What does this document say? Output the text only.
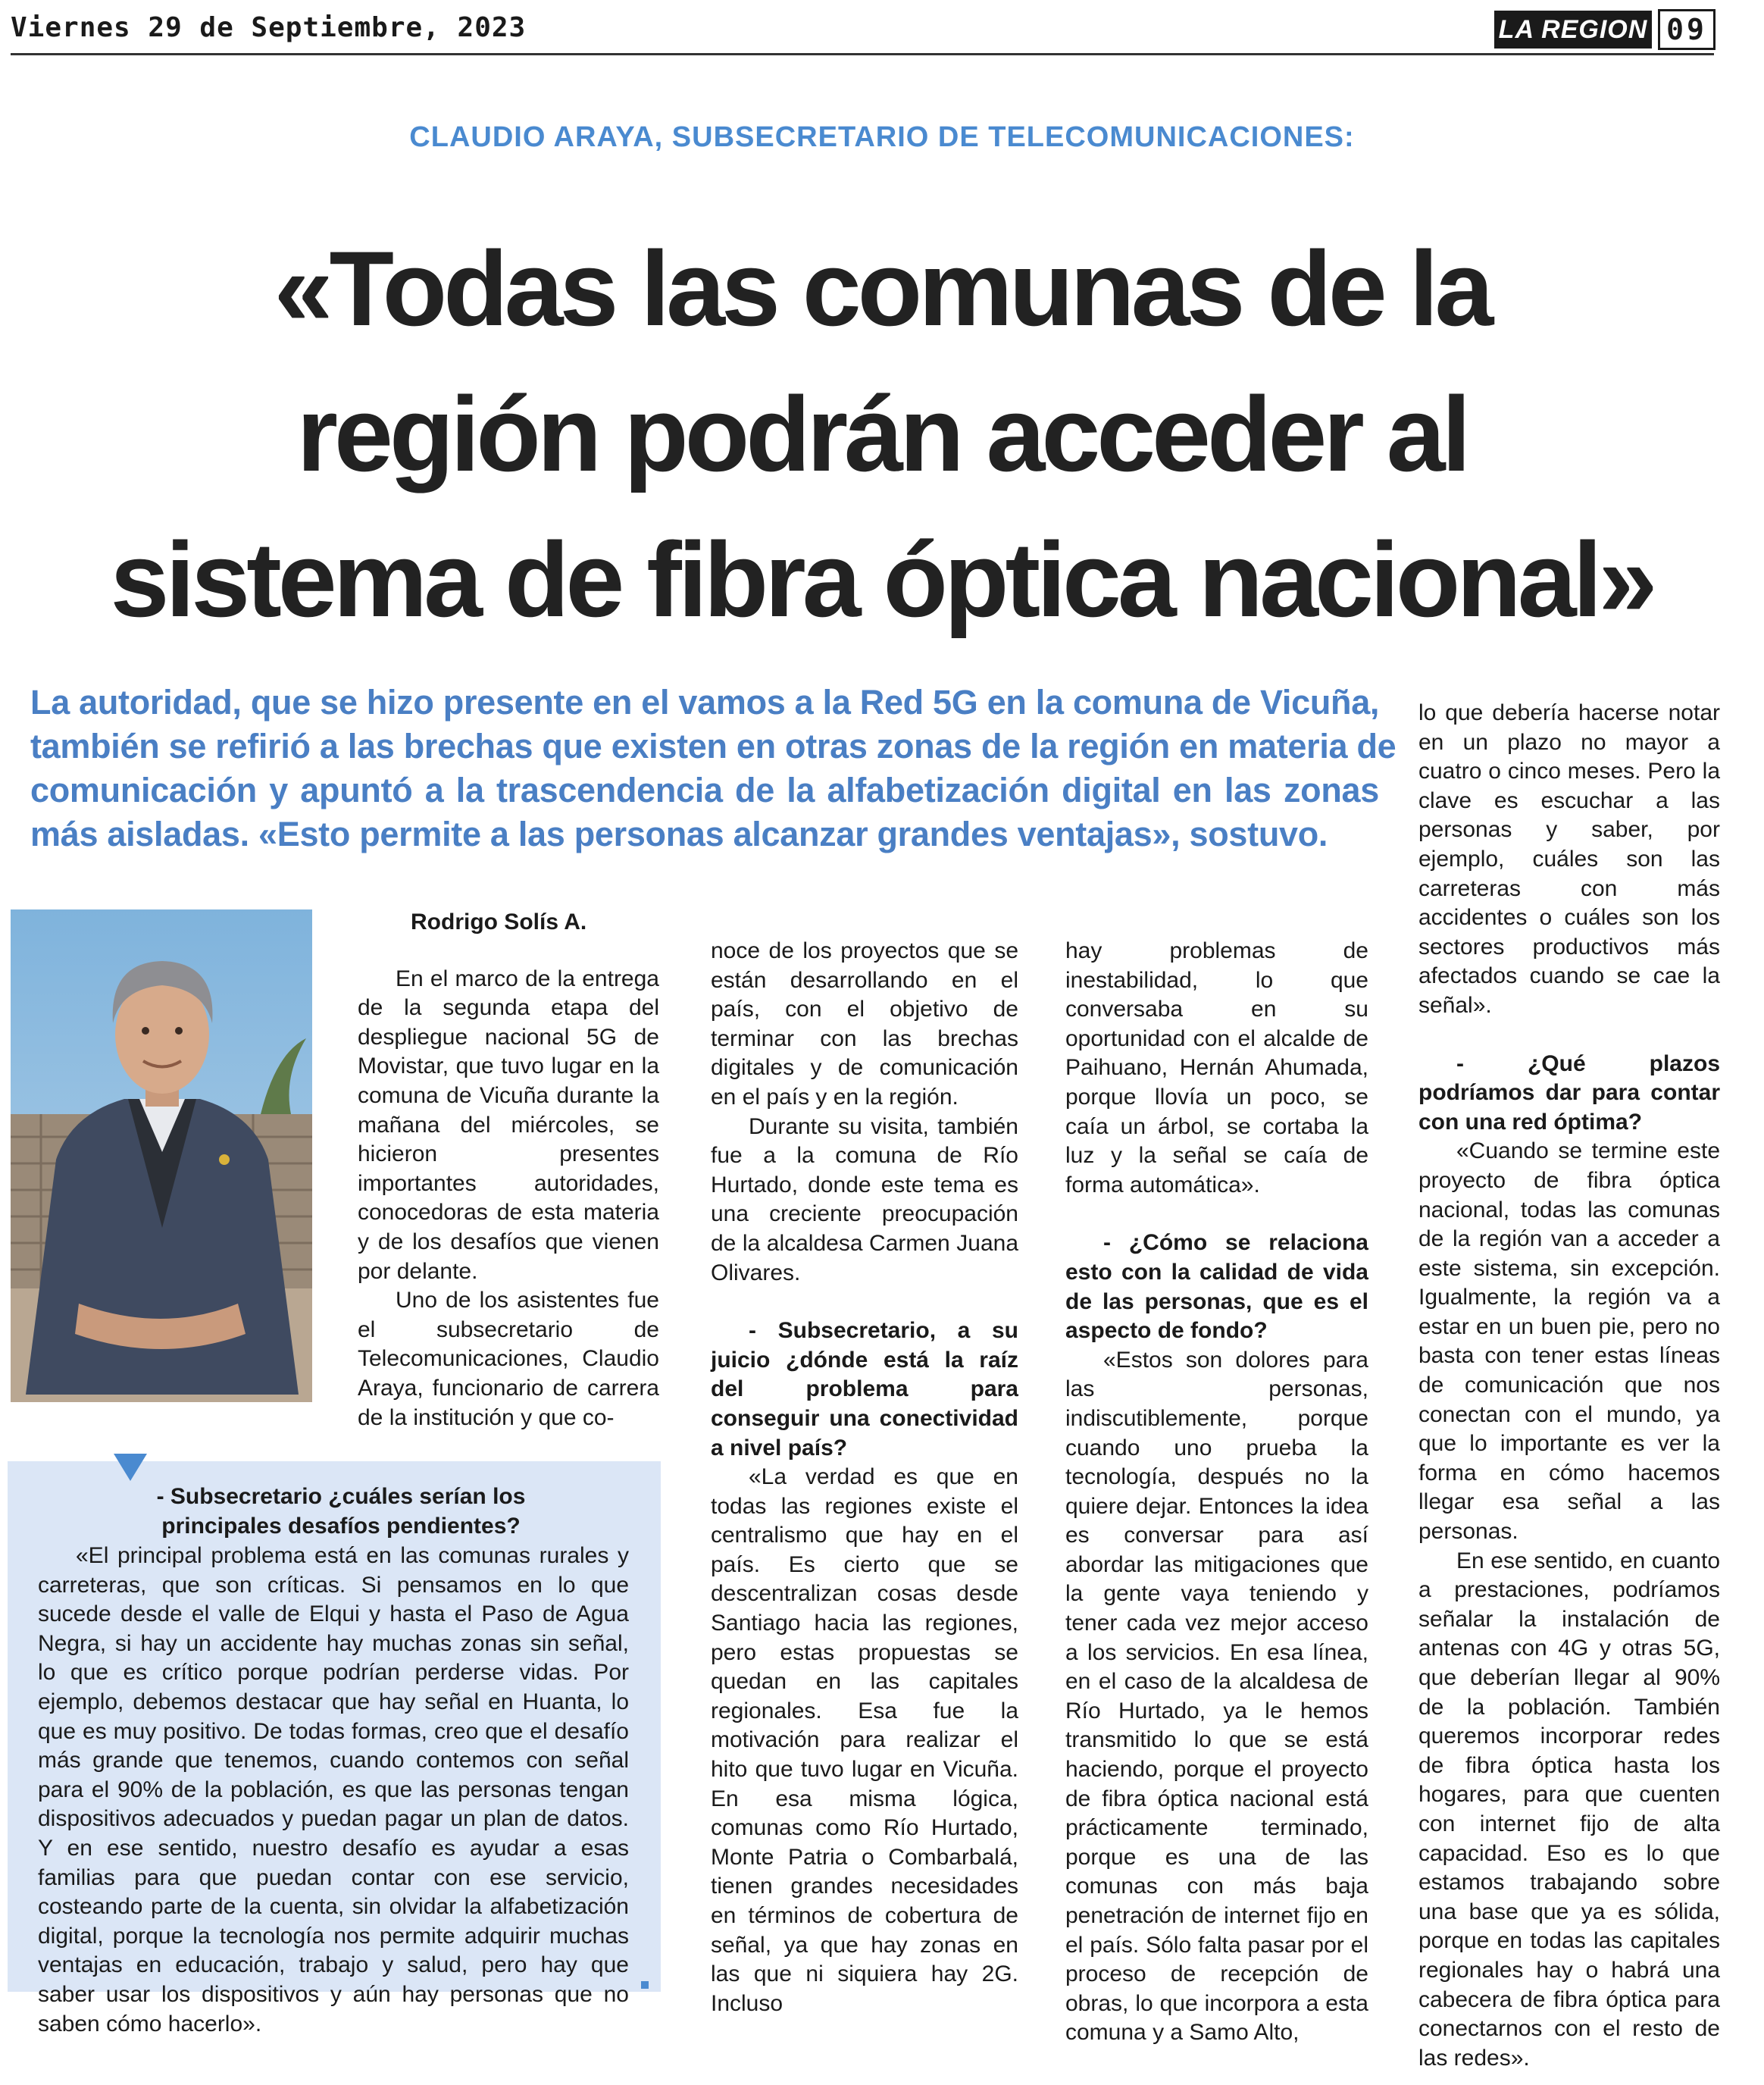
Viernes 29 de Septiembre, 2023	LA REGION 09
CLAUDIO ARAYA, SUBSECRETARIO DE TELECOMUNICACIONES:
«Todas las comunas de la
región podrán acceder al
sistema de fibra óptica nacional»
La autoridad, que se hizo presente en el vamos a la Red 5G en la comuna de Vicuña,
también se refirió a las brechas que existen en otras zonas de la región en materia de
comunicación y apuntó a la trascendencia de la alfabetización digital en las zonas
más aisladas. «Esto permite a las personas alcanzar grandes ventajas», sostuvo.

Rodrigo Solís A.

En el marco de la entrega de la segunda etapa del despliegue nacional 5G de Movistar, que tuvo lugar en la comuna de Vicuña durante la mañana del miércoles, se hicieron presentes importantes autoridades, conocedoras de esta materia y de los desafíos que vienen por delante.

Uno de los asistentes fue el subsecretario de Telecomunicaciones, Claudio Araya, funcionario de carrera de la institución y que co-

noce de los proyectos que se están desarrollando en el país, con el objetivo de terminar con las brechas digitales y de comunicación en el país y en la región.

Durante su visita, también fue a la comuna de Río Hurtado, donde este tema es una creciente preocupación de la alcaldesa Carmen Juana Olivares.

- Subsecretario, a su juicio ¿dónde está la raíz del problema para conseguir una conectividad a nivel país?

«La verdad es que en todas las regiones existe el centralismo que hay en el país. Es cierto que se descentralizan cosas desde Santiago hacia las regiones, pero estas propuestas se quedan en las capitales regionales. Esa fue la motivación para realizar el hito que tuvo lugar en Vicuña. En esa misma lógica, comunas como Río Hurtado, Monte Patria o Combarbalá, tienen grandes necesidades en términos de cobertura de señal, ya que hay zonas en las que ni siquiera hay 2G. Incluso

hay problemas de inestabilidad, lo que conversaba en su oportunidad con el alcalde de Paihuano, Hernán Ahumada, porque llovía un poco, se caía un árbol, se cortaba la luz y la señal se caía de forma automática».

- ¿Cómo se relaciona esto con la calidad de vida de las personas, que es el aspecto de fondo?

«Estos son dolores para las personas, indiscutiblemente, porque cuando uno prueba la tecnología, después no la quiere dejar. Entonces la idea es conversar para así abordar las mitigaciones que la gente vaya teniendo y tener cada vez mejor acceso a los servicios. En esa línea, en el caso de la alcaldesa de Río Hurtado, ya le hemos transmitido lo que se está haciendo, porque el proyecto de fibra óptica nacional está prácticamente terminado, porque es una de las comunas con más baja penetración de internet fijo en el país. Sólo falta pasar por el proceso de recepción de obras, lo que incorpora a esta comuna y a Samo Alto,

lo que debería hacerse notar en un plazo no mayor a cuatro o cinco meses. Pero la clave es escuchar a las personas y saber, por ejemplo, cuáles son las carreteras con más accidentes o cuáles son los sectores productivos más afectados cuando se cae la señal».

- ¿Qué plazos podríamos dar para contar con una red óptima?

«Cuando se termine este proyecto de fibra óptica nacional, todas las comunas de la región van a acceder a este sistema, sin excepción. Igualmente, la región va a estar en un buen pie, pero no basta con tener estas líneas de comunicación que nos conectan con el mundo, ya que lo importante es ver la forma en cómo hacemos llegar esa señal a las personas.

En ese sentido, en cuanto a prestaciones, podríamos señalar la instalación de antenas con 4G y otras 5G, que deberían llegar al 90% de la población. También queremos incorporar redes de fibra óptica hasta los hogares, para que cuenten con internet fijo de alta capacidad. Eso es lo que estamos trabajando sobre una base que ya es sólida, porque en todas las capitales regionales hay o habrá una cabecera de fibra óptica para conectarnos con el resto de las redes».

- Subsecretario ¿cuáles serían los principales desafíos pendientes?

«El principal problema está en las comunas rurales y carreteras, que son críticas. Si pensamos en lo que sucede desde el valle de Elqui y hasta el Paso de Agua Negra, si hay un accidente hay muchas zonas sin señal, lo que es crítico porque podrían perderse vidas. Por ejemplo, debemos destacar que hay señal en Huanta, lo que es muy positivo. De todas formas, creo que el desafío más grande que tenemos, cuando contemos con señal para el 90% de la población, es que las personas tengan dispositivos adecuados y puedan pagar un plan de datos. Y en ese sentido, nuestro desafío es ayudar a esas familias para que puedan contar con ese servicio, costeando parte de la cuenta, sin olvidar la alfabetización digital, porque la tecnología nos permite adquirir muchas ventajas en educación, trabajo y salud, pero hay que saber usar los dispositivos y aún hay personas que no saben cómo hacerlo».
